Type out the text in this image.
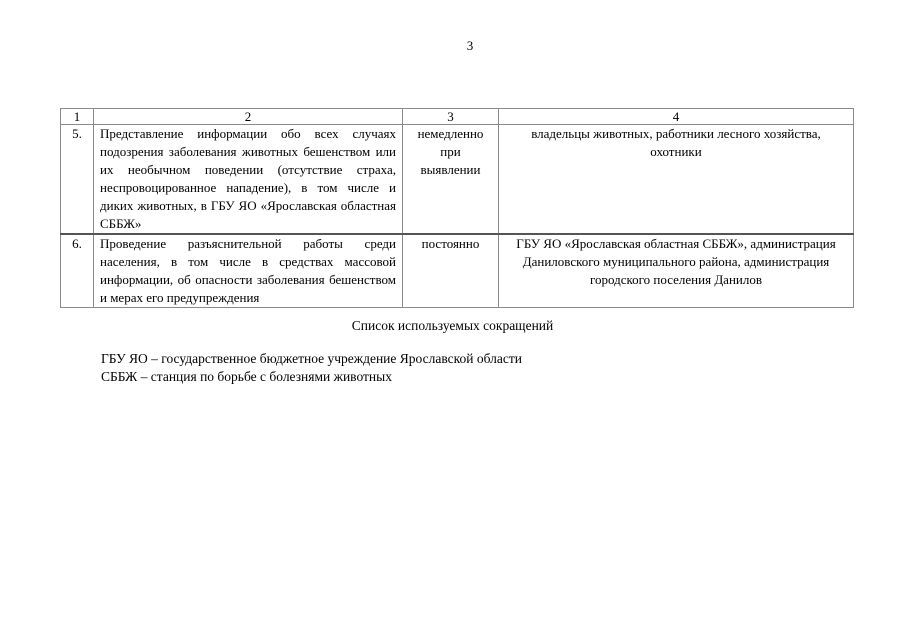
3
1	2	3	4
5.	Представление информации обо всех случаях подозрения заболевания животных бешенством или их необычном поведении (отсутствие страха, неспровоцированное нападение), в том числе и диких животных, в ГБУ ЯО «Ярославская областная СББЖ»	немедленно при выявлении	владельцы животных, работники лесного хозяйства, охотники
6.	Проведение разъяснительной работы среди населения, в том числе в средствах массовой информации, об опасности заболевания бешенством и мерах его предупреждения	постоянно	ГБУ ЯО «Ярославская областная СББЖ», администрация Даниловского муниципального района, администрация городского поселения Данилов
Список используемых сокращений
ГБУ ЯО – государственное бюджетное учреждение Ярославской области
СББЖ – станция по борьбе с болезнями животных
